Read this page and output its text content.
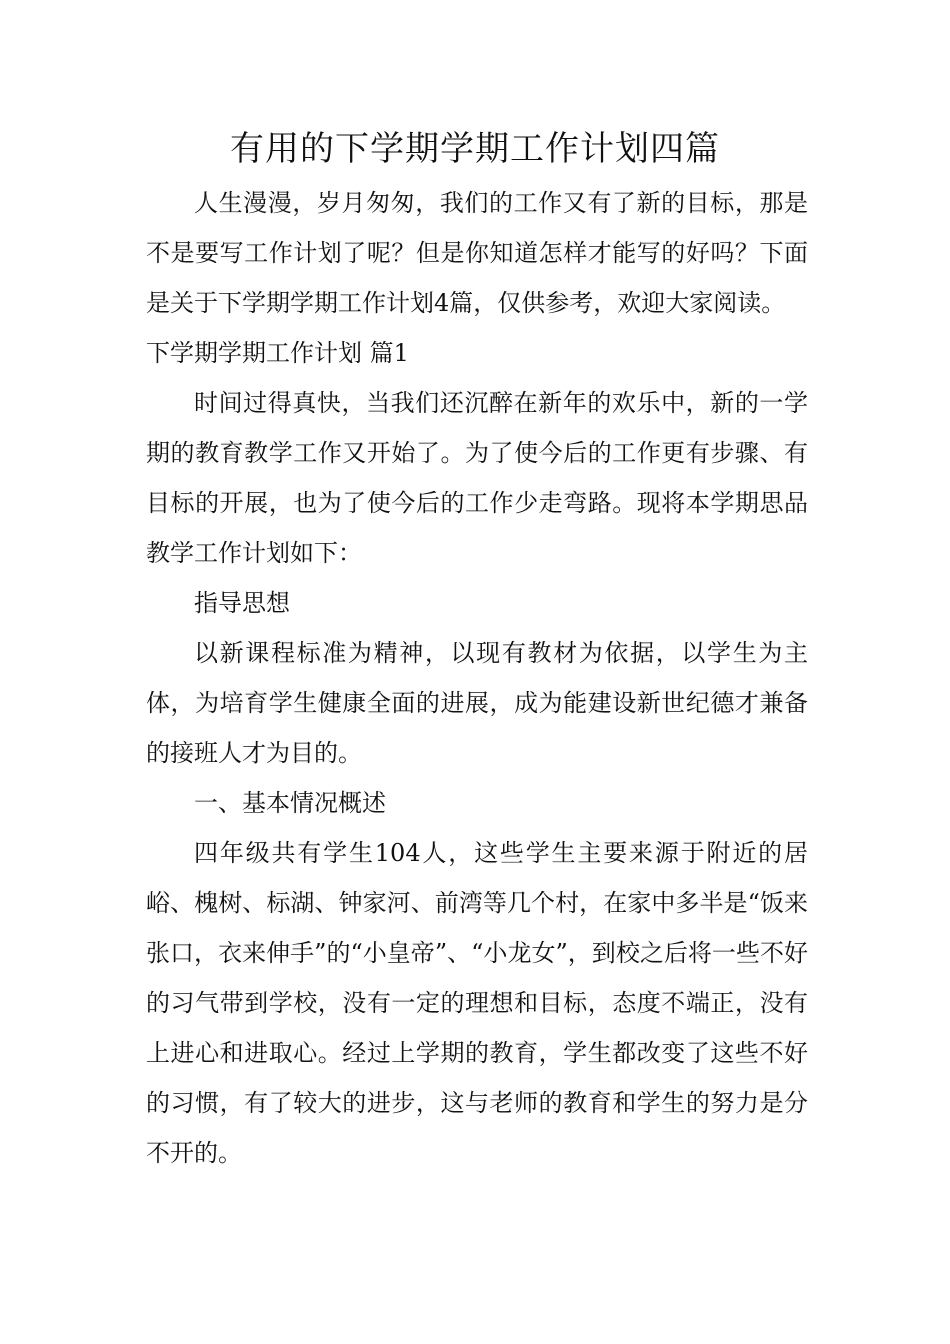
有用的下学期学期工作计划四篇

人生漫漫，岁月匆匆，我们的工作又有了新的目标，那是不是要写工作计划了呢？但是你知道怎样才能写的好吗？下面是关于下学期学期工作计划4篇，仅供参考，欢迎大家阅读。

下学期学期工作计划 篇1

时间过得真快，当我们还沉醉在新年的欢乐中，新的一学期的教育教学工作又开始了。为了使今后的工作更有步骤、有目标的开展，也为了使今后的工作少走弯路。现将本学期思品教学工作计划如下：

指导思想

以新课程标准为精神，以现有教材为依据，以学生为主体，为培育学生健康全面的进展，成为能建设新世纪德才兼备的接班人才为目的。

一、基本情况概述

四年级共有学生104人，这些学生主要来源于附近的居峪、槐树、标湖、钟家河、前湾等几个村，在家中多半是“饭来张口，衣来伸手”的“小皇帝”、“小龙女”，到校之后将一些不好的习气带到学校，没有一定的理想和目标，态度不端正，没有上进心和进取心。经过上学期的教育，学生都改变了这些不好的习惯，有了较大的进步，这与老师的教育和学生的努力是分不开的。
